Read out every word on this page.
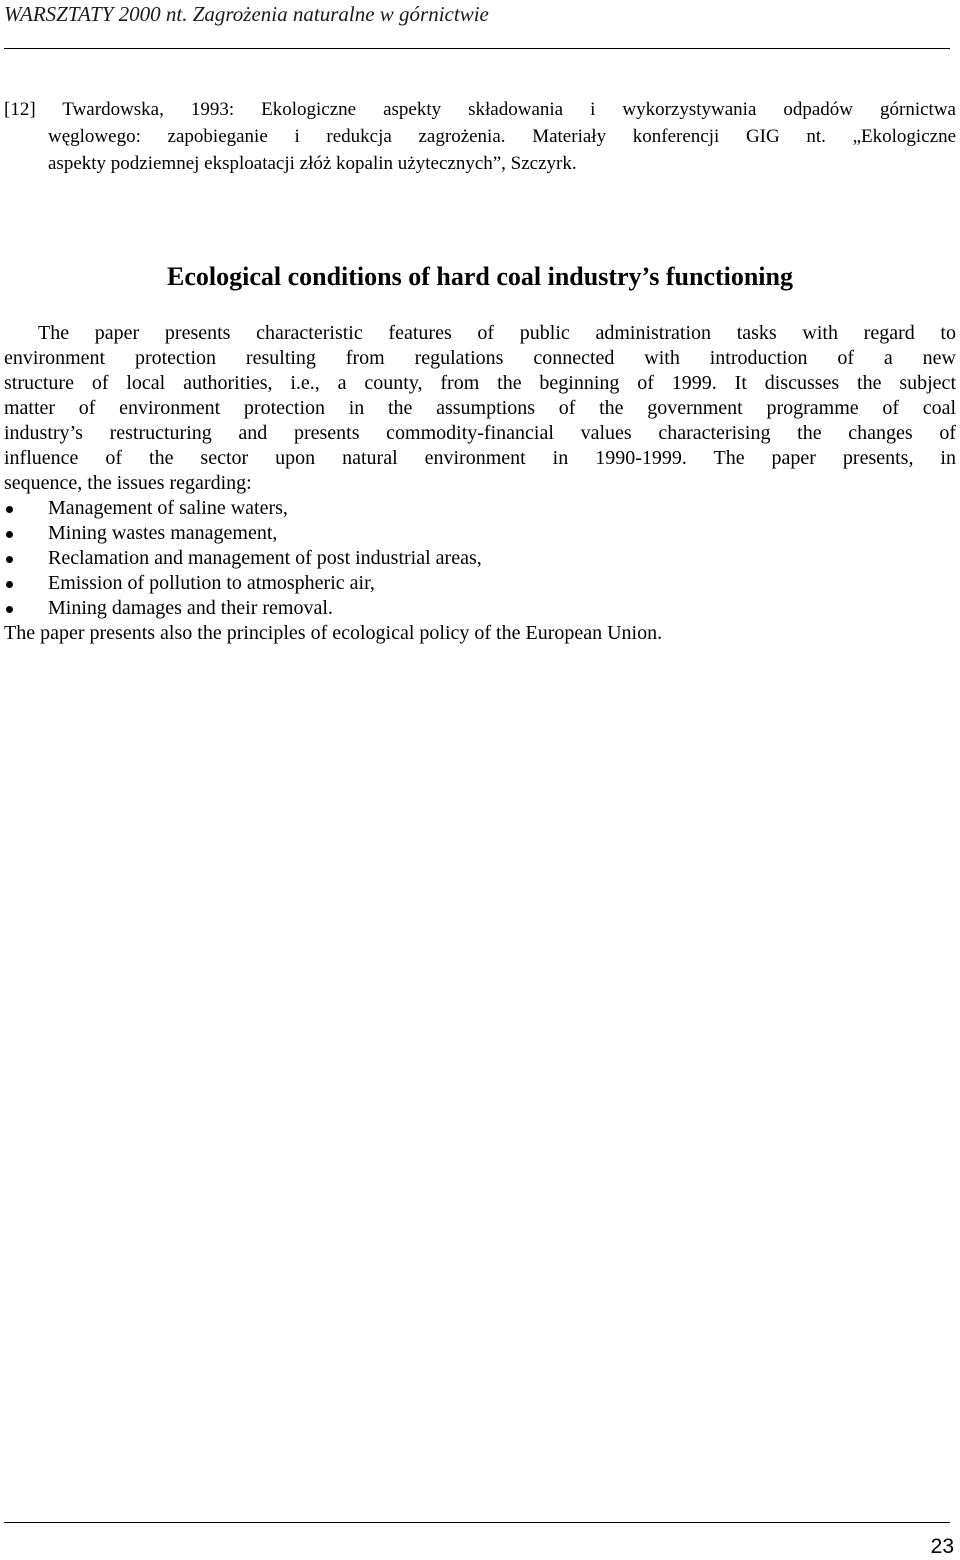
WARSZTATY 2000 nt. Zagrożenia naturalne w górnictwie
[12] Twardowska, 1993: Ekologiczne aspekty składowania i wykorzystywania odpadów górnictwa
węglowego: zapobieganie i redukcja zagrożenia. Materiały konferencji GIG nt. „Ekologiczne
aspekty podziemnej eksploatacji złóż kopalin użytecznych”, Szczyrk.
Ecological conditions of hard coal industry’s functioning
The paper presents characteristic features of public administration tasks with regard to
environment protection resulting from regulations connected with introduction of a new
structure of local authorities, i.e., a county, from the beginning of 1999. It discusses the subject
matter of environment protection in the assumptions of the government programme of coal
industry’s restructuring and presents commodity-financial values characterising the changes of
influence of the sector upon natural environment in 1990-1999. The paper presents, in
sequence, the issues regarding:
Management of saline waters,
Mining wastes management,
Reclamation and management of post industrial areas,
Emission of pollution to atmospheric air,
Mining damages and their removal.
The paper presents also the principles of ecological policy of the European Union.
23
